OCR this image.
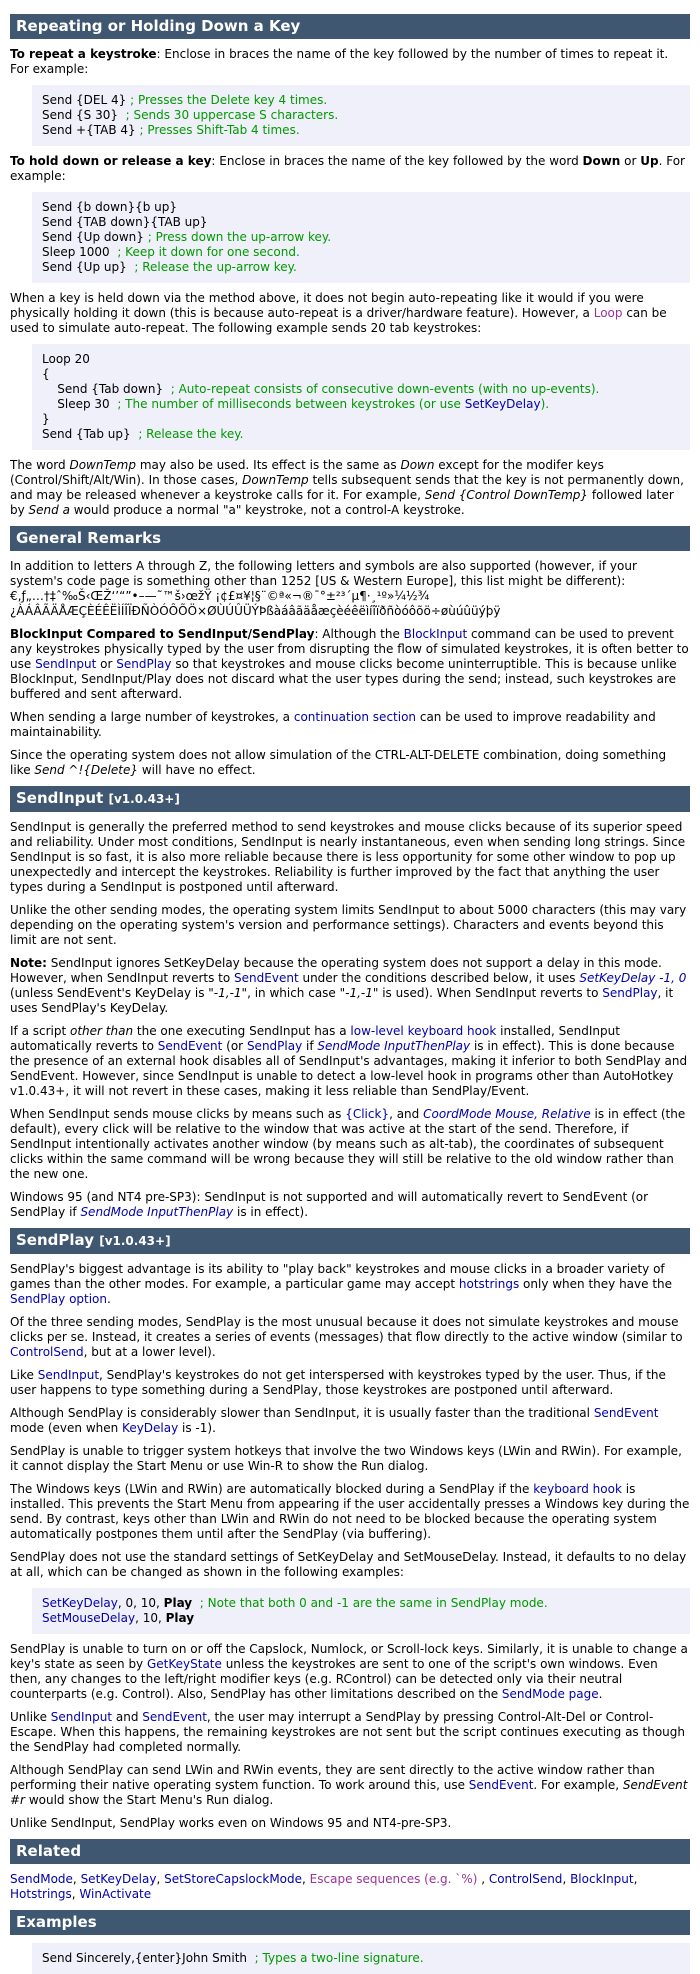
Repeating or Holding Down a Key

To repeat a keystroke: Enclose in braces the name of the key followed by the number of times to repeat it. For example:

Send {DEL 4} ; Presses the Delete key 4 times.
Send {S 30} ; Sends 30 uppercase S characters.
Send +{TAB 4} ; Presses Shift-Tab 4 times.

To hold down or release a key: Enclose in braces the name of the key followed by the word Down or Up. For example:

Send {b down}{b up}
Send {TAB down}{TAB up}
Send {Up down} ; Press down the up-arrow key.
Sleep 1000 ; Keep it down for one second.
Send {Up up} ; Release the up-arrow key.

When a key is held down via the method above, it does not begin auto-repeating like it would if you were physically holding it down (this is because auto-repeat is a driver/hardware feature). However, a Loop can be used to simulate auto-repeat. The following example sends 20 tab keystrokes:

Loop 20
{
Send {Tab down} ; Auto-repeat consists of consecutive down-events (with no up-events).
Sleep 30 ; The number of milliseconds between keystrokes (or use SetKeyDelay).
}
Send {Tab up} ; Release the key.

The word DownTemp may also be used. Its effect is the same as Down except for the modifer keys (Control/Shift/Alt/Win). In those cases, DownTemp tells subsequent sends that the key is not permanently down, and may be released whenever a keystroke calls for it. For example, Send {Control DownTemp} followed later by Send a would produce a normal "a" keystroke, not a control-A keystroke.

General Remarks

In addition to letters A through Z, the following letters and symbols are also supported (however, if your system's code page is something other than 1252 [US & Western Europe], this list might be different):
€‚ƒ„…†‡ˆ‰Š‹ŒŽ‘’“”•–—˜™š›œžŸ ¡¢£¤¥¦§¨©ª«¬®¯°±²³´µ¶·¸¹º»¼½¾
¿ÀÁÂÃÄÅÆÇÈÉÊËÌÍÎÏÐÑÒÓÔÕÖ×ØÙÚÛÜÝÞßàáâãäåæçèéêëìíîïðñòóôõö÷øùúûüýþÿ

BlockInput Compared to SendInput/SendPlay: Although the BlockInput command can be used to prevent any keystrokes physically typed by the user from disrupting the flow of simulated keystrokes, it is often better to use SendInput or SendPlay so that keystrokes and mouse clicks become uninterruptible. This is because unlike BlockInput, SendInput/Play does not discard what the user types during the send; instead, such keystrokes are buffered and sent afterward.

When sending a large number of keystrokes, a continuation section can be used to improve readability and maintainability.

Since the operating system does not allow simulation of the CTRL-ALT-DELETE combination, doing something like Send ^!{Delete} will have no effect.

SendInput [v1.0.43+]

SendInput is generally the preferred method to send keystrokes and mouse clicks because of its superior speed and reliability. Under most conditions, SendInput is nearly instantaneous, even when sending long strings. Since SendInput is so fast, it is also more reliable because there is less opportunity for some other window to pop up unexpectedly and intercept the keystrokes. Reliability is further improved by the fact that anything the user types during a SendInput is postponed until afterward.

Unlike the other sending modes, the operating system limits SendInput to about 5000 characters (this may vary depending on the operating system's version and performance settings). Characters and events beyond this limit are not sent.

Note: SendInput ignores SetKeyDelay because the operating system does not support a delay in this mode. However, when SendInput reverts to SendEvent under the conditions described below, it uses SetKeyDelay -1, 0 (unless SendEvent's KeyDelay is "-1,-1", in which case "-1,-1" is used). When SendInput reverts to SendPlay, it uses SendPlay's KeyDelay.

If a script other than the one executing SendInput has a low-level keyboard hook installed, SendInput automatically reverts to SendEvent (or SendPlay if SendMode InputThenPlay is in effect). This is done because the presence of an external hook disables all of SendInput's advantages, making it inferior to both SendPlay and SendEvent. However, since SendInput is unable to detect a low-level hook in programs other than AutoHotkey v1.0.43+, it will not revert in these cases, making it less reliable than SendPlay/Event.

When SendInput sends mouse clicks by means such as {Click}, and CoordMode Mouse, Relative is in effect (the default), every click will be relative to the window that was active at the start of the send. Therefore, if SendInput intentionally activates another window (by means such as alt-tab), the coordinates of subsequent clicks within the same command will be wrong because they will still be relative to the old window rather than the new one.

Windows 95 (and NT4 pre-SP3): SendInput is not supported and will automatically revert to SendEvent (or SendPlay if SendMode InputThenPlay is in effect).

SendPlay [v1.0.43+]

SendPlay's biggest advantage is its ability to "play back" keystrokes and mouse clicks in a broader variety of games than the other modes. For example, a particular game may accept hotstrings only when they have the SendPlay option.

Of the three sending modes, SendPlay is the most unusual because it does not simulate keystrokes and mouse clicks per se. Instead, it creates a series of events (messages) that flow directly to the active window (similar to ControlSend, but at a lower level).

Like SendInput, SendPlay's keystrokes do not get interspersed with keystrokes typed by the user. Thus, if the user happens to type something during a SendPlay, those keystrokes are postponed until afterward.

Although SendPlay is considerably slower than SendInput, it is usually faster than the traditional SendEvent mode (even when KeyDelay is -1).

SendPlay is unable to trigger system hotkeys that involve the two Windows keys (LWin and RWin). For example, it cannot display the Start Menu or use Win-R to show the Run dialog.

The Windows keys (LWin and RWin) are automatically blocked during a SendPlay if the keyboard hook is installed. This prevents the Start Menu from appearing if the user accidentally presses a Windows key during the send. By contrast, keys other than LWin and RWin do not need to be blocked because the operating system automatically postpones them until after the SendPlay (via buffering).

SendPlay does not use the standard settings of SetKeyDelay and SetMouseDelay. Instead, it defaults to no delay at all, which can be changed as shown in the following examples:

SetKeyDelay, 0, 10, Play ; Note that both 0 and -1 are the same in SendPlay mode.
SetMouseDelay, 10, Play

SendPlay is unable to turn on or off the Capslock, Numlock, or Scroll-lock keys. Similarly, it is unable to change a key's state as seen by GetKeyState unless the keystrokes are sent to one of the script's own windows. Even then, any changes to the left/right modifier keys (e.g. RControl) can be detected only via their neutral counterparts (e.g. Control). Also, SendPlay has other limitations described on the SendMode page.

Unlike SendInput and SendEvent, the user may interrupt a SendPlay by pressing Control-Alt-Del or Control-Escape. When this happens, the remaining keystrokes are not sent but the script continues executing as though the SendPlay had completed normally.

Although SendPlay can send LWin and RWin events, they are sent directly to the active window rather than performing their native operating system function. To work around this, use SendEvent. For example, SendEvent #r would show the Start Menu's Run dialog.

Unlike SendInput, SendPlay works even on Windows 95 and NT4-pre-SP3.

Related

SendMode, SetKeyDelay, SetStoreCapslockMode, Escape sequences (e.g. `%) , ControlSend, BlockInput, Hotstrings, WinActivate

Examples
Send Sincerely,{enter}John Smith ; Types a two-line signature.
